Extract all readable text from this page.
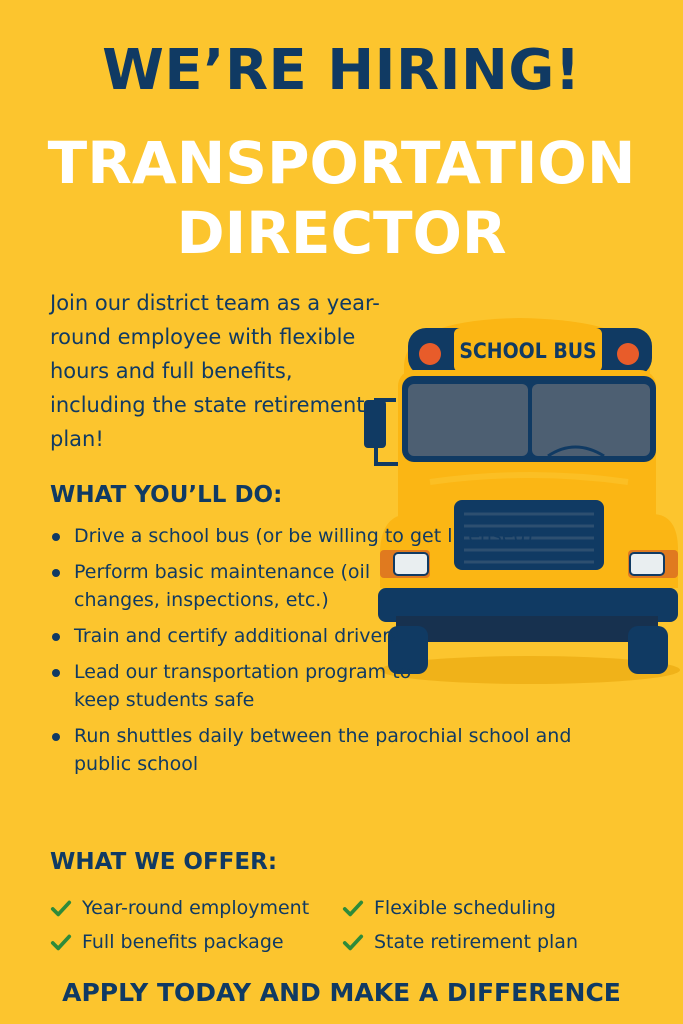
WE’RE HIRING!
TRANSPORTATION
DIRECTOR

Join our district team as a year-round employee with flexible hours and full benefits, including the state retirement plan!

SCHOOL BUS
WHAT YOU’LL DO:
Drive a school bus (or be willing to get licensed)
Perform basic maintenance (oil changes, inspections, etc.)
Train and certify additional drivers
Lead our transportation program to keep students safe
Run shuttles daily between the parochial school and public school
WHAT WE OFFER:
Year-round employment	Flexible scheduling
Full benefits package	State retirement plan

APPLY TODAY AND MAKE A DIFFERENCE
